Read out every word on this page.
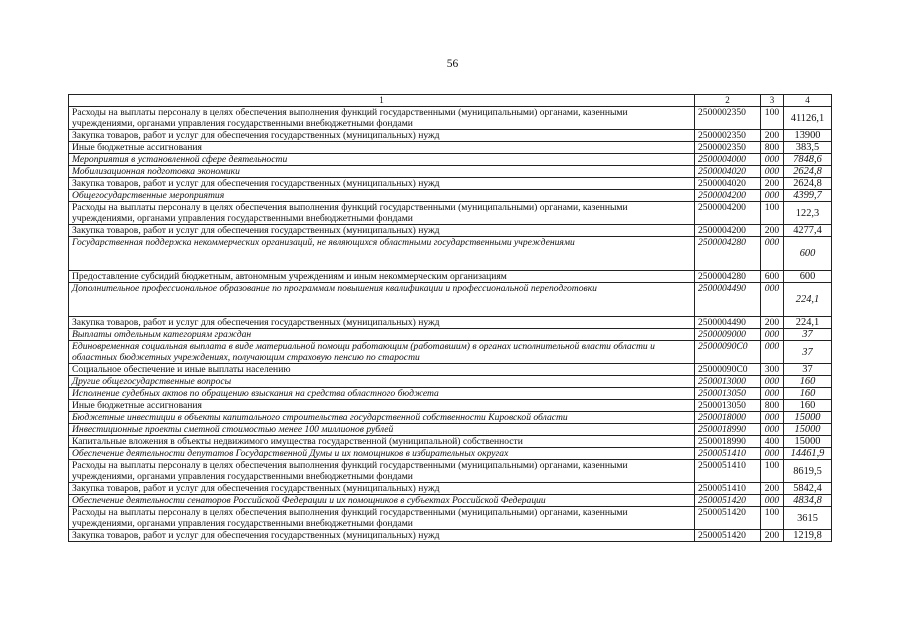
56
1	2	3	4
Расходы на выплаты персоналу в целях обеспечения выполнения функций государственными (муниципальными) органами, казенными учреждениями, органами управления государственными внебюджетными фондами	2500002350	100	41126,1
Закупка товаров, работ и услуг для обеспечения государственных (муниципальных) нужд	2500002350	200	13900
Иные бюджетные ассигнования	2500002350	800	383,5
Мероприятия в установленной сфере деятельности	2500004000	000	7848,6
Мобилизационная подготовка экономики	2500004020	000	2624,8
Закупка товаров, работ и услуг для обеспечения государственных (муниципальных) нужд	2500004020	200	2624,8
Общегосударственные мероприятия	2500004200	000	4399,7
Расходы на выплаты персоналу в целях обеспечения выполнения функций государственными (муниципальными) органами, казенными учреждениями, органами управления государственными внебюджетными фондами	2500004200	100	122,3
Закупка товаров, работ и услуг для обеспечения государственных (муниципальных) нужд	2500004200	200	4277,4
Государственная поддержка некоммерческих организаций, не являющихся областными государственными учреждениями	2500004280	000	600
Предоставление субсидий бюджетным, автономным учреждениям и иным некоммерческим организациям	2500004280	600	600
Дополнительное профессиональное образование по программам повышения квалификации и профессиональной переподготовки	2500004490	000	224,1
Закупка товаров, работ и услуг для обеспечения государственных (муниципальных) нужд	2500004490	200	224,1
Выплаты отдельным категориям граждан	2500009000	000	37
Единовременная социальная выплата в виде материальной помощи работающим (работавшим) в органах исполнительной власти области и областных бюджетных учреждениях, получающим страховую пенсию по старости	25000090С0	000	37
Социальное обеспечение и иные выплаты населению	25000090С0	300	37
Другие общегосударственные вопросы	2500013000	000	160
Исполнение судебных актов по обращению взыскания на средства областного бюджета	2500013050	000	160
Иные бюджетные ассигнования	2500013050	800	160
Бюджетные инвестиции в объекты капитального строительства государственной собственности Кировской области	2500018000	000	15000
Инвестиционные проекты сметной стоимостью менее 100 миллионов рублей	2500018990	000	15000
Капитальные вложения в объекты недвижимого имущества государственной (муниципальной) собственности	2500018990	400	15000
Обеспечение деятельности депутатов Государственной Думы и их помощников в избирательных округах	2500051410	000	14461,9
Расходы на выплаты персоналу в целях обеспечения выполнения функций государственными (муниципальными) органами, казенными учреждениями, органами управления государственными внебюджетными фондами	2500051410	100	8619,5
Закупка товаров, работ и услуг для обеспечения государственных (муниципальных) нужд	2500051410	200	5842,4
Обеспечение деятельности сенаторов Российской Федерации и их помощников в субъектах Российской Федерации	2500051420	000	4834,8
Расходы на выплаты персоналу в целях обеспечения выполнения функций государственными (муниципальными) органами, казенными учреждениями, органами управления государственными внебюджетными фондами	2500051420	100	3615
Закупка товаров, работ и услуг для обеспечения государственных (муниципальных) нужд	2500051420	200	1219,8
